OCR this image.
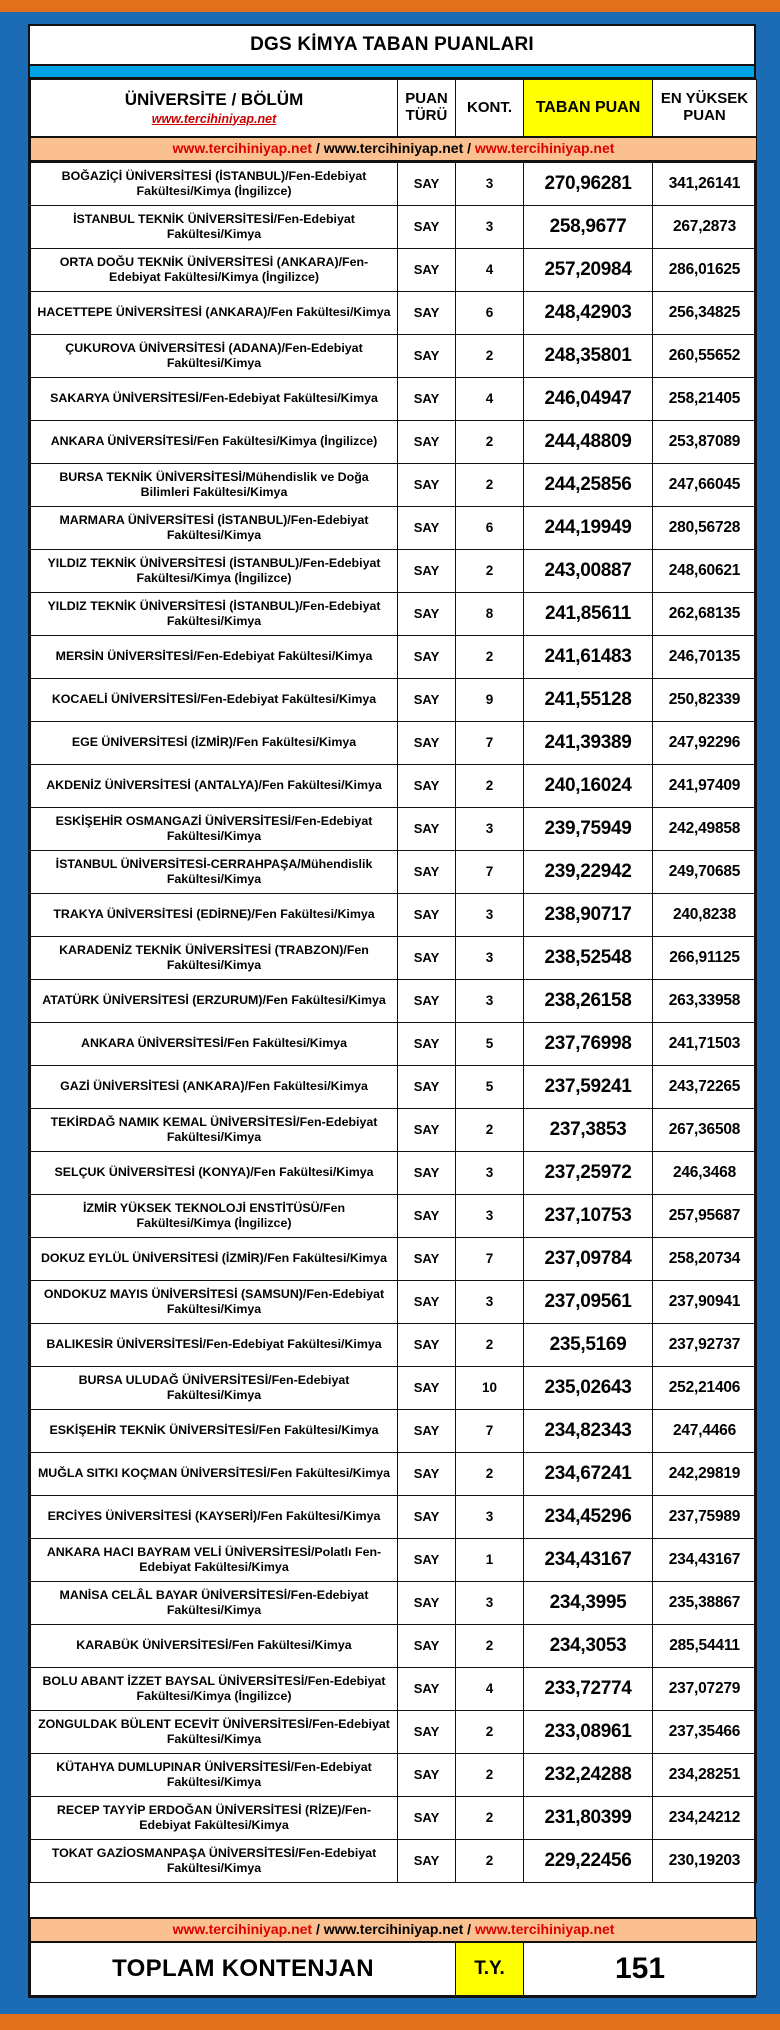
DGS KİMYA TABAN PUANLARI
ÜNİVERSİTE / BÖLÜM
www.tercihiniyap.net
	PUAN TÜRÜ	KONT.	TABAN PUAN	EN YÜKSEK PUAN
www.tercihiniyap.net / www.tercihiniyap.net / www.tercihiniyap.net
BOĞAZİÇİ ÜNİVERSİTESİ (İSTANBUL)/Fen-Edebiyat Fakültesi/Kimya (İngilizce)	SAY	3	270,96281	341,26141
İSTANBUL TEKNİK ÜNİVERSİTESİ/Fen-Edebiyat Fakültesi/Kimya	SAY	3	258,9677	267,2873
ORTA DOĞU TEKNİK ÜNİVERSİTESİ (ANKARA)/Fen-Edebiyat Fakültesi/Kimya (İngilizce)	SAY	4	257,20984	286,01625
HACETTEPE ÜNİVERSİTESİ (ANKARA)/Fen Fakültesi/Kimya	SAY	6	248,42903	256,34825
ÇUKUROVA ÜNİVERSİTESİ (ADANA)/Fen-Edebiyat Fakültesi/Kimya	SAY	2	248,35801	260,55652
SAKARYA ÜNİVERSİTESİ/Fen-Edebiyat Fakültesi/Kimya	SAY	4	246,04947	258,21405
ANKARA ÜNİVERSİTESİ/Fen Fakültesi/Kimya (İngilizce)	SAY	2	244,48809	253,87089
BURSA TEKNİK ÜNİVERSİTESİ/Mühendislik ve Doğa Bilimleri Fakültesi/Kimya	SAY	2	244,25856	247,66045
MARMARA ÜNİVERSİTESİ (İSTANBUL)/Fen-Edebiyat Fakültesi/Kimya	SAY	6	244,19949	280,56728
YILDIZ TEKNİK ÜNİVERSİTESİ (İSTANBUL)/Fen-Edebiyat Fakültesi/Kimya (İngilizce)	SAY	2	243,00887	248,60621
YILDIZ TEKNİK ÜNİVERSİTESİ (İSTANBUL)/Fen-Edebiyat Fakültesi/Kimya	SAY	8	241,85611	262,68135
MERSİN ÜNİVERSİTESİ/Fen-Edebiyat Fakültesi/Kimya	SAY	2	241,61483	246,70135
KOCAELİ ÜNİVERSİTESİ/Fen-Edebiyat Fakültesi/Kimya	SAY	9	241,55128	250,82339
EGE ÜNİVERSİTESİ (İZMİR)/Fen Fakültesi/Kimya	SAY	7	241,39389	247,92296
AKDENİZ ÜNİVERSİTESİ (ANTALYA)/Fen Fakültesi/Kimya	SAY	2	240,16024	241,97409
ESKİŞEHİR OSMANGAZİ ÜNİVERSİTESİ/Fen-Edebiyat Fakültesi/Kimya	SAY	3	239,75949	242,49858
İSTANBUL ÜNİVERSİTESİ-CERRAHPAŞA/Mühendislik Fakültesi/Kimya	SAY	7	239,22942	249,70685
TRAKYA ÜNİVERSİTESİ (EDİRNE)/Fen Fakültesi/Kimya	SAY	3	238,90717	240,8238
KARADENİZ TEKNİK ÜNİVERSİTESİ (TRABZON)/Fen Fakültesi/Kimya	SAY	3	238,52548	266,91125
ATATÜRK ÜNİVERSİTESİ (ERZURUM)/Fen Fakültesi/Kimya	SAY	3	238,26158	263,33958
ANKARA ÜNİVERSİTESİ/Fen Fakültesi/Kimya	SAY	5	237,76998	241,71503
GAZİ ÜNİVERSİTESİ (ANKARA)/Fen Fakültesi/Kimya	SAY	5	237,59241	243,72265
TEKİRDAĞ NAMIK KEMAL ÜNİVERSİTESİ/Fen-Edebiyat Fakültesi/Kimya	SAY	2	237,3853	267,36508
SELÇUK ÜNİVERSİTESİ (KONYA)/Fen Fakültesi/Kimya	SAY	3	237,25972	246,3468
İZMİR YÜKSEK TEKNOLOJİ ENSTİTÜSÜ/Fen Fakültesi/Kimya (İngilizce)	SAY	3	237,10753	257,95687
DOKUZ EYLÜL ÜNİVERSİTESİ (İZMİR)/Fen Fakültesi/Kimya	SAY	7	237,09784	258,20734
ONDOKUZ MAYIS ÜNİVERSİTESİ (SAMSUN)/Fen-Edebiyat Fakültesi/Kimya	SAY	3	237,09561	237,90941
BALIKESİR ÜNİVERSİTESİ/Fen-Edebiyat Fakültesi/Kimya	SAY	2	235,5169	237,92737
BURSA ULUDAĞ ÜNİVERSİTESİ/Fen-Edebiyat Fakültesi/Kimya	SAY	10	235,02643	252,21406
ESKİŞEHİR TEKNİK ÜNİVERSİTESİ/Fen Fakültesi/Kimya	SAY	7	234,82343	247,4466
MUĞLA SITKI KOÇMAN ÜNİVERSİTESİ/Fen Fakültesi/Kimya	SAY	2	234,67241	242,29819
ERCİYES ÜNİVERSİTESİ (KAYSERİ)/Fen Fakültesi/Kimya	SAY	3	234,45296	237,75989
ANKARA HACI BAYRAM VELİ ÜNİVERSİTESİ/Polatlı Fen-Edebiyat Fakültesi/Kimya	SAY	1	234,43167	234,43167
MANİSA CELÂL BAYAR ÜNİVERSİTESİ/Fen-Edebiyat Fakültesi/Kimya	SAY	3	234,3995	235,38867
KARABÜK ÜNİVERSİTESİ/Fen Fakültesi/Kimya	SAY	2	234,3053	285,54411
BOLU ABANT İZZET BAYSAL ÜNİVERSİTESİ/Fen-Edebiyat Fakültesi/Kimya (İngilizce)	SAY	4	233,72774	237,07279
ZONGULDAK BÜLENT ECEVİT ÜNİVERSİTESİ/Fen-Edebiyat Fakültesi/Kimya	SAY	2	233,08961	237,35466
KÜTAHYA DUMLUPINAR ÜNİVERSİTESİ/Fen-Edebiyat Fakültesi/Kimya	SAY	2	232,24288	234,28251
RECEP TAYYİP ERDOĞAN ÜNİVERSİTESİ (RİZE)/Fen-Edebiyat Fakültesi/Kimya	SAY	2	231,80399	234,24212
TOKAT GAZİOSMANPAŞA ÜNİVERSİTESİ/Fen-Edebiyat Fakültesi/Kimya	SAY	2	229,22456	230,19203
www.tercihiniyap.net / www.tercihiniyap.net / www.tercihiniyap.net
TOPLAM KONTENJAN	T.Y.	151
